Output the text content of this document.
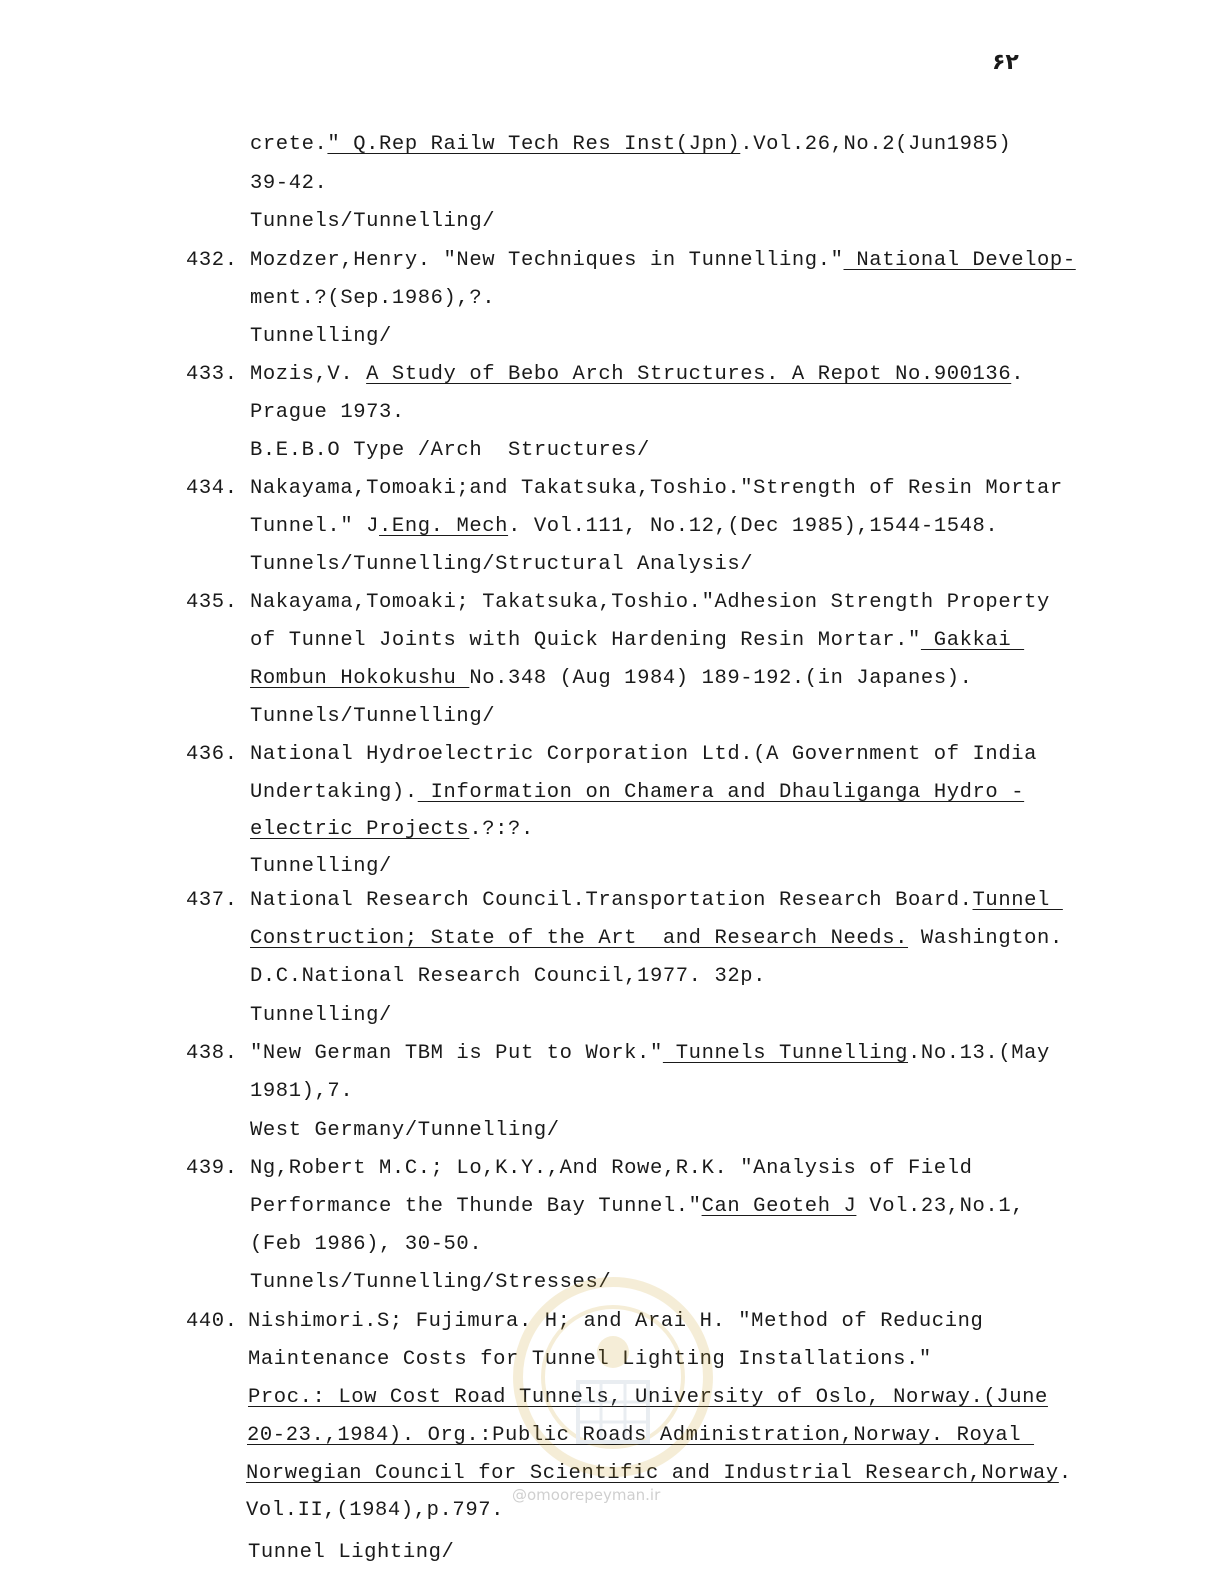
۶۲
crete." Q.Rep Railw Tech Res Inst(Jpn).Vol.26,No.2(Jun1985)
39-42.
Tunnels/Tunnelling/
432. Mozdzer,Henry. "New Techniques in Tunnelling." National Develop-
ment.?(Sep.1986),?.
Tunnelling/
433. Mozis,V. A Study of Bebo Arch Structures. A Repot No.900136.
Prague 1973.
B.E.B.O Type /Arch  Structures/
434. Nakayama,Tomoaki;and Takatsuka,Toshio."Strength of Resin Mortar
Tunnel." J.Eng. Mech. Vol.111, No.12,(Dec 1985),1544-1548.
Tunnels/Tunnelling/Structural Analysis/
435. Nakayama,Tomoaki; Takatsuka,Toshio."Adhesion Strength Property
of Tunnel Joints with Quick Hardening Resin Mortar." Gakkai
Rombun Hokokushu No.348 (Aug 1984) 189-192.(in Japanes).
Tunnels/Tunnelling/
436. National Hydroelectric Corporation Ltd.(A Government of India
Undertaking). Information on Chamera and Dhauliganga Hydro -
electric Projects.?:?.
Tunnelling/
437. National Research Council.Transportation Research Board.Tunnel
Construction; State of the Art  and Research Needs. Washington.
D.C.National Research Council,1977. 32p.
Tunnelling/
438. "New German TBM is Put to Work." Tunnels Tunnelling.No.13.(May
1981),7.
West Germany/Tunnelling/
439. Ng,Robert M.C.; Lo,K.Y.,And Rowe,R.K. "Analysis of Field
Performance the Thunde Bay Tunnel."Can Geoteh J Vol.23,No.1,
(Feb 1986), 30-50.
Tunnels/Tunnelling/Stresses/
440. Nishimori.S; Fujimura. H; and Arai H. "Method of Reducing
Maintenance Costs for Tunnel Lighting Installations."
Proc.: Low Cost Road Tunnels, University of Oslo, Norway.(June
20-23.,1984). Org.:Public Roads Administration,Norway. Royal
Norwegian Council for Scientific and Industrial Research,Norway.
Vol.II,(1984),p.797.
Tunnel Lighting/
@omoorepeyman.ir
